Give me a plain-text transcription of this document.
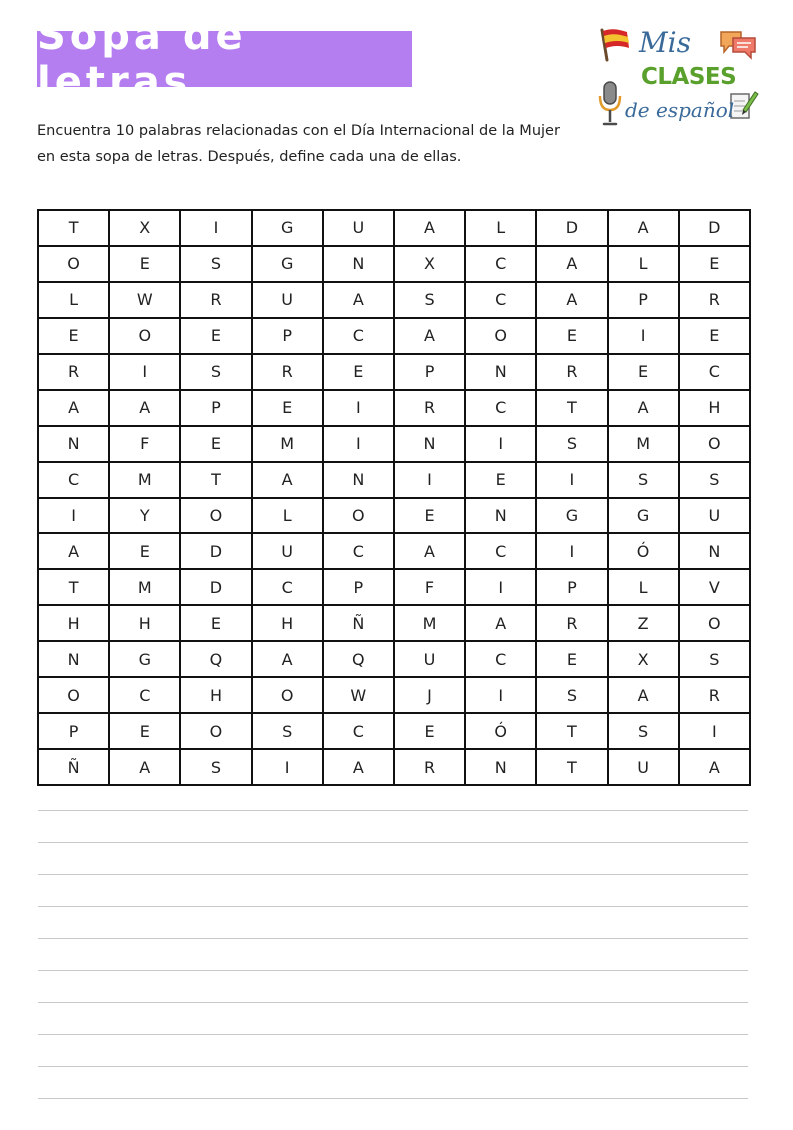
Sopa de letras
Mis
CLASES
de español
Encuentra 10 palabras relacionadas con el Día Internacional de la Mujer en esta sopa de letras. Después, define cada una de ellas.
T	X	I	G	U	A	L	D	A	D
O	E	S	G	N	X	C	A	L	E
L	W	R	U	A	S	C	A	P	R
E	O	E	P	C	A	O	E	I	E
R	I	S	R	E	P	N	R	E	C
A	A	P	E	I	R	C	T	A	H
N	F	E	M	I	N	I	S	M	O
C	M	T	A	N	I	E	I	S	S
I	Y	O	L	O	E	N	G	G	U
A	E	D	U	C	A	C	I	Ó	N
T	M	D	C	P	F	I	P	L	V
H	H	E	H	Ñ	M	A	R	Z	O
N	G	Q	A	Q	U	C	E	X	S
O	C	H	O	W	J	I	S	A	R
P	E	O	S	C	E	Ó	T	S	I
Ñ	A	S	I	A	R	N	T	U	A
